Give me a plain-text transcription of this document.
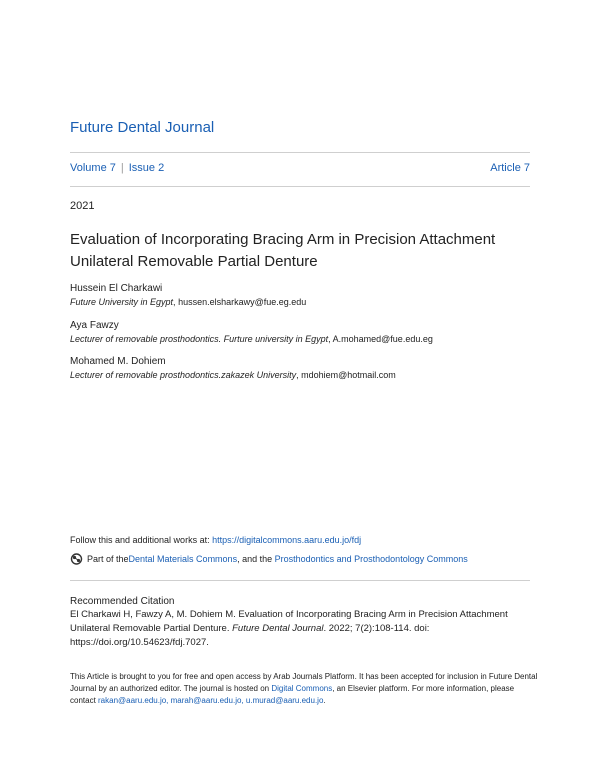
Future Dental Journal
Volume 7 | Issue 2	Article 7
2021
Evaluation of Incorporating Bracing Arm in Precision Attachment Unilateral Removable Partial Denture
Hussein El Charkawi
Future University in Egypt, hussen.elsharkawy@fue.eg.edu
Aya Fawzy
Lecturer of removable prosthodontics. Furture university in Egypt, A.mohamed@fue.edu.eg
Mohamed M. Dohiem
Lecturer of removable prosthodontics.zakazek University, mdohiem@hotmail.com
Follow this and additional works at: https://digitalcommons.aaru.edu.jo/fdj
Part of the Dental Materials Commons , and the Prosthodontics and Prosthodontology Commons
Recommended Citation
El Charkawi H, Fawzy A, M. Dohiem M. Evaluation of Incorporating Bracing Arm in Precision Attachment Unilateral Removable Partial Denture. Future Dental Journal. 2022; 7(2):108-114. doi: https://doi.org/10.54623/fdj.7027.
This Article is brought to you for free and open access by Arab Journals Platform. It has been accepted for inclusion in Future Dental Journal by an authorized editor. The journal is hosted on Digital Commons, an Elsevier platform. For more information, please contact rakan@aaru.edu.jo, marah@aaru.edu.jo, u.murad@aaru.edu.jo.
